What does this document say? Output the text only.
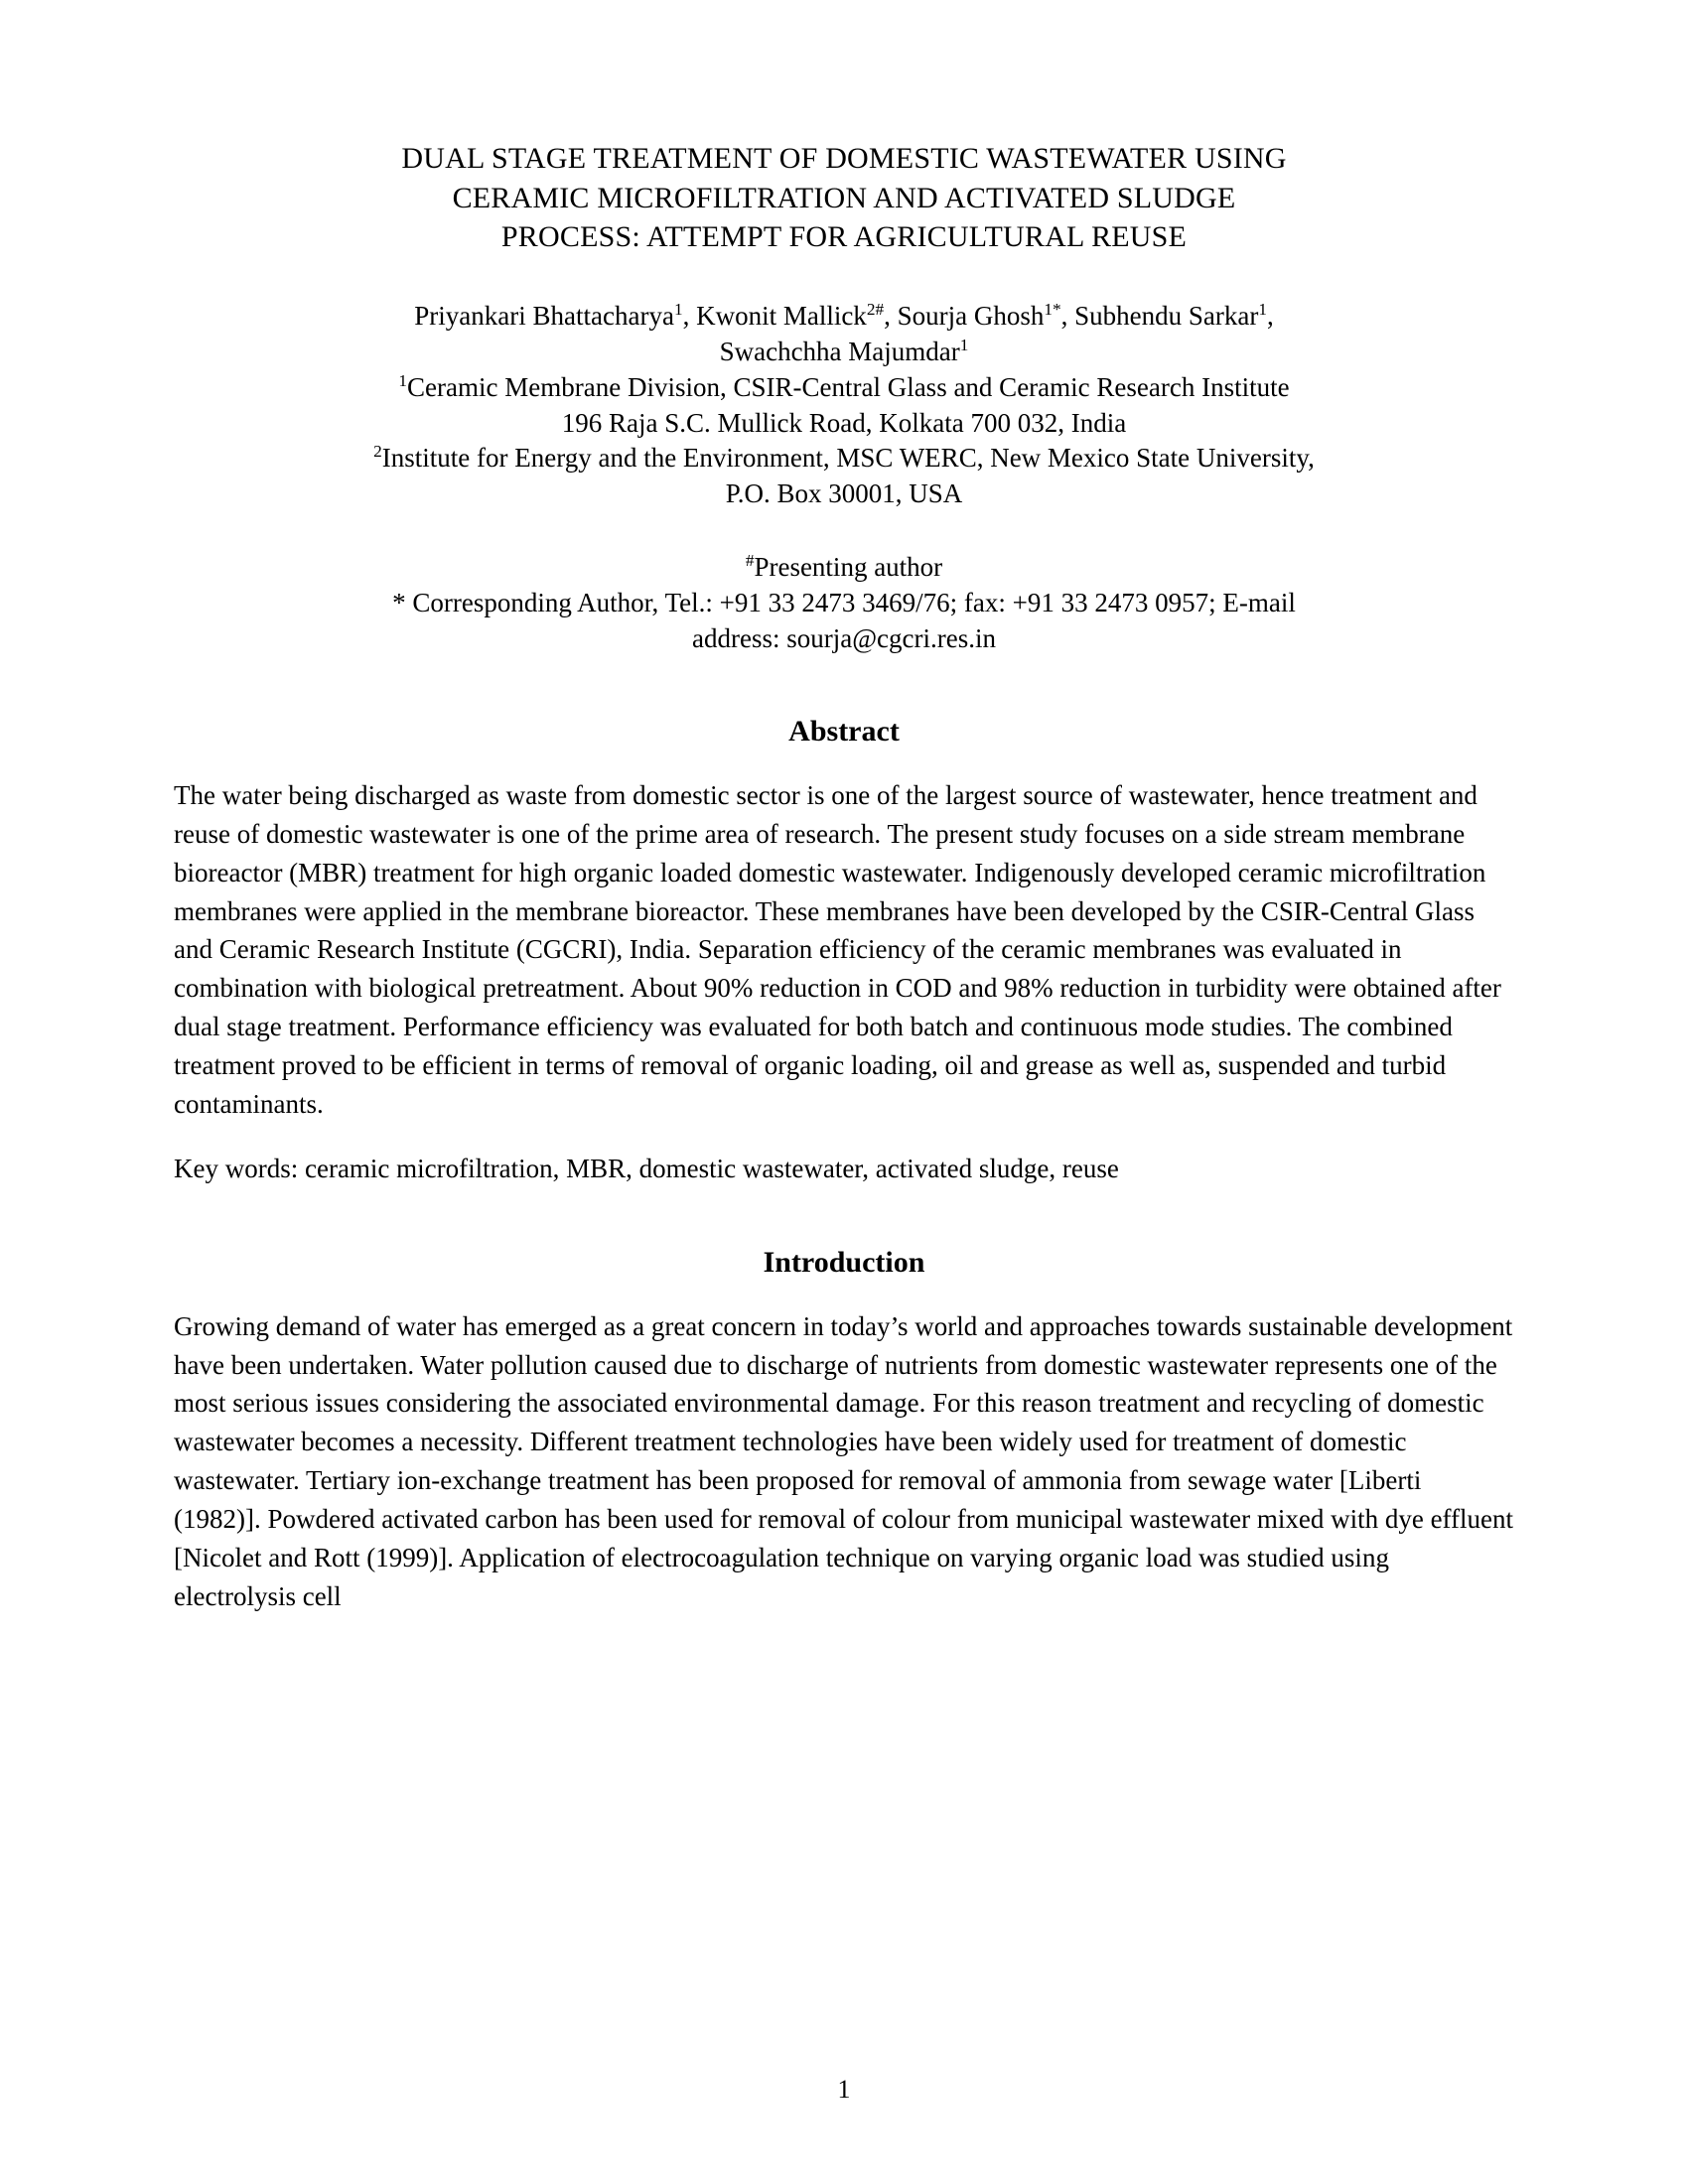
DUAL STAGE TREATMENT OF DOMESTIC WASTEWATER USING
CERAMIC MICROFILTRATION AND ACTIVATED SLUDGE
PROCESS: ATTEMPT FOR AGRICULTURAL REUSE
Priyankari Bhattacharya$^1$, Kwonit Mallick$^{2\#}$, Sourja Ghosh$^{1*}$, Subhendu Sarkar$^1$,
Swachchha Majumdar$^1$
$^1$Ceramic Membrane Division, CSIR-Central Glass and Ceramic Research Institute
196 Raja S.C. Mullick Road, Kolkata 700 032, India
$^2$Institute for Energy and the Environment, MSC WERC, New Mexico State University,
P.O. Box 30001, USA
#Presenting author
* Corresponding Author, Tel.: +91 33 2473 3469/76; fax: +91 33 2473 0957; E-mail
address: sourja@cgcri.res.in
Abstract

The water being discharged as waste from domestic sector is one of the largest source of wastewater, hence treatment and reuse of domestic wastewater is one of the prime area of research. The present study focuses on a side stream membrane bioreactor (MBR) treatment for high organic loaded domestic wastewater. Indigenously developed ceramic microfiltration membranes were applied in the membrane bioreactor. These membranes have been developed by the CSIR-Central Glass and Ceramic Research Institute (CGCRI), India. Separation efficiency of the ceramic membranes was evaluated in combination with biological pretreatment. About 90% reduction in COD and 98% reduction in turbidity were obtained after dual stage treatment. Performance efficiency was evaluated for both batch and continuous mode studies. The combined treatment proved to be efficient in terms of removal of organic loading, oil and grease as well as, suspended and turbid contaminants.

Key words: ceramic microfiltration, MBR, domestic wastewater, activated sludge, reuse

Introduction

Growing demand of water has emerged as a great concern in today’s world and approaches towards sustainable development have been undertaken. Water pollution caused due to discharge of nutrients from domestic wastewater represents one of the most serious issues considering the associated environmental damage. For this reason treatment and recycling of domestic wastewater becomes a necessity. Different treatment technologies have been widely used for treatment of domestic wastewater. Tertiary ion-exchange treatment has been proposed for removal of ammonia from sewage water [Liberti (1982)]. Powdered activated carbon has been used for removal of colour from municipal wastewater mixed with dye effluent [Nicolet and Rott (1999)]. Application of electrocoagulation technique on varying organic load was studied using electrolysis cell

1
